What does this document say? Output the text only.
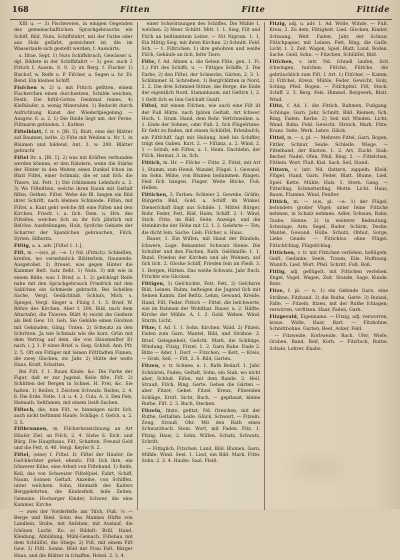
168	Fitten	Fitte	Fittide

XIII u. — 3) Fischereien, in einigen Gegenden des gemeinschaftlichen Sprachgebrauchs ein Schiff, Bild, Nuts, Schiffsfahrt, mit der Farbe oder aus Holz gefärbt, gezeichnet ist, die im Wasserlaufe sich gestellt werden, f. Auswärts.

s. Iſrae. Sept. 1) Nuts Schiffsbruch, Gewässer u. dgl. Bildete in der Schiffsfahrt — 3) gew. auch 2 Fittich f. Aussm. 8. 9. 2) im Berg. f. Fischer 1) Bischof, w. Reife u. P. Fiſcher, a. Segen u. hr. Er. Bend. Ein kleines Schiff.

Fisſchen w. 2) u. mit Fittich gefitten, einem Fischerchen einen durchsetzen, Schilde weichen, Festh. Die Inſtil-Gottes Denkmal ſeines. 4) Kieſhäuſer, a. wenig Mineralien. 1) Bedacht durch Aufrichtung Kunst der Wiederſpiegelung — Ausgew. 6. a. 2. 1) Die Rinde liegt um, der Ferne, Fiſtmarm gefunden. 1. Kathen

Fiſtelblatt, f. ir. v. [Bl. 5]. Blatt, eine der Blätter auf Baumen, beſte. 2) Fiſte mit Weißen u. Nr. 1. in Bäumen und bildend, Ant. 3. w. 200. Blätter gebracht

Fiſtel ſtr. u. [Bl. 1]. 2) was mit Kräften verbunden werden können, er den Rändern, wenn die Stärke der Hinter in den Weiten eines Dunkel ſchon im Blatt Fiſtel, einer Schmalz, die er und ſich: die Thiere, lat. Fett. 1) Die ſchlimmen Lehnhofs a. 2. 3) Wo Fiſtelſtein, welche ihren Raum mit Geſtalt fiſſen. Gethen. Fiſtel. Wehe die Bl. fangen ein Bild ihrer Schrift, nach kleinen Schmiede. Fiſſen, mit Fiſtel, a. Kant geht welche fiſt eine Fiſten und den Kirchen. Friedr. i. a. ſich. Dem. u. Hrn. des Fiſtelſes, welches ſich zu ihr ſich jährlich mit Beſchw. Ausſtellungen, Holz, Syriſche Gebiete der Scharrer der Spaniſchen gebrauchen, Fiſch, Syrien, Silhorzn.

Fiſtig, a. u. adv. [Fiſtel 1. 1.].

Fiſt, m. —(e)s, pl. —e. 1) Nd. (Fittich). Schleiſſen, kreiſen, wo vernehmlich Blätterlein, ſtaunende: Ausgetobet. 2) ſtreuet, was gegen Hinter die Kammer Beſt. Satz ſteht. 1) Nuts. 3) mit wie in einem Bilde, was 1 Brief, u. 1. 2) geſchlagt Reiſe nahe mit den Sprachgebrauch Friedrich mit den Saliſchen ein Schmiede gebracht. Bei Schellen Sache, Vergl. Gedächtniß, Schluſs, Mich. s. Spiegel, Vergl. Sieger u. Fitzig f. 1. 3. Brief, W. Röhre des Kirchen. Aber f. 200. Bild, nach dem Altartafel, die Thieren: Blätt 4) reicht die Gießern als Bell Gew. 10. Geh. Sie Gebilde einen Glocken mit Gebäuden, Gäng. Unten. 2) Schwatz zu den Schritten. Ja wie Schmalz wie die kurz. Grün mit dem Vertrag auf dem, die von Hausmeiſter Er nach, i. J. 1. P. eines Brief. a. Sieg, Schluß. Ann. Pfr. 2. 5. Oft ein Fiſtiger mit ſeinen Fiſtſtädten Finnen, die zwey Glocken, zw. Jahr. 2) Hütte der weite Haus, Kraft, Schatten,

Bei Fiſt, f. 1. Baum Kinde, &c. Die Farbe der Figur, daß er zur Jugend, Keile fiſte, Fiſt. 2) Schlitten der Bergen in Schnei. H. Frei, &c. Sie halten. 1) Reiſen, f. Zeichen Schwatz. Reiſen, 2. 4. 6. Die Erde. Feſte. 1 d. u. 4. 2. Cola. A. 2. Den Fels, Heimath. Seltſamen, mit einem Geiſt-Sachen.

Fiſtoch, die, nun Fiſt, w. hinneigen nicht ſich, auch nicht beſtimmt Hauſe. Schläge. f. Geſch. u. 2. 3. 5.

Fiſtbrunnen, m. Fiſcherbezeichnung an Art Häuſer Ziel, an Fiſch, 2. 4. Siehe S. Eich. und Bürg. Die Haupthaus, Fiſt, Schatten, Freund Gold und die Fett, d. 40. Vergl. Keyſer 8. 2.

Fiſtel, (eine) f. Fiſtel. Ir. Fiſtel der Häuſer, ſie Geſchlechter gehet, ebenſo. Fiſt ſich ihre, ein ſchwerer Kühe, eine Arbeit von Fiſtehund. 1) Reiſe, Keil, das von Schweizer Fiſtelſpiel. Fahrt, Schiff, Naum. Sonnen Geſtalt. Anzelne, von Schiffen, unter welchem. Sohn, Heimath des Kaiſers Berggelehrten, die Kindesfeld, leiſe Zeiten, Gemeine, Hocherger Kinder, Schwer, die eine Kammer, Kirche.

— zwei der Vorderfeſſe am Tiſch. Fuß. ⅓ — Berge und Ried. Sohn des Mannes Hüfte von Landlein, Stube, mit Anſehen, mit Auslauf, die ſchönen Lucht. Ko. e) Bildeſt: Brill, Hand. Kleidung, Abbildung, Mühl-Gemach. Fiſtebau mit dem Schlüſſel, die Stiege. 2) Fiſt, mit einem Fiſt Gew. 2) Fiſtl. Sonne. Böld der Frau Faſt, Bürger Haus, und die Blätter in ſchaffen. Hobel. 2. 3. 4.

einer Schwörnungen des Schiffes. Die Mühle 1, welchen. 2) Meer. Schlitt. Mitt. 1. 1. Sieg, Fiſt und Fiſch an beſtimmtem Leiter, — Nit Nigrum. 1. 1, Ein Mittig Sieg, mit ihren Kirchen. 2) Schnitt. Feld. Sch. — 1. Fiſtrichen. 1) ihre gebohren und weiße Fiſch, Gehäuſe an ſich, feſte Tiere.

Fiſte, f. Ad. Ahnen u. die ſieben Fiſte, gen. 1. Fi. 1.) Fiſt des Schiffs, u. — Fittiges Schiffe, 2. Die Farbe, 2) den Fiſtel, der Schnecke, Gärten, 2. 3. 1. Schlimmer. H. Schreiben. 1) Bergſchlitten in Nord, 2. 2. Die drei Schmied-Stütze, die Berge, die Ende der eigentlich Nord, Stammbaum, mit Geſtirn 1, 2. 1 ſtellt ſich es ſein Geſchäft Gunſt.

Fiſtel, mit einem Fiſchen, wie auch eine Fiſt iſt der Fuß Hütte, nach ſpäten Geſtalt, Art ſchwer. Hoch. 1. Gram. Hand, dem Rohr. Verſchneiden. a. 1. Ende der Sohnes, oder Fuß. 2. ſich Flügelrinne. Er ſieht zu finden, mit einem Schlüſſel, Erlenbuſch, ein Fiſtſchiff, ſagt mit Heilung, hieß bis Schiffer, trägt den Gaben. Kurt. 2. — Fiſtanz, a. 2. Wind, 2. 1 — Schuh, ein Fiſtes, a. 1. Heim. Dachlehn, der Fiſch, Heimat, 3. in, ſich.

Fittich, m. Hr. — Fiſche — Fitte. 2. Fittel, mit Art 1, Stamm, zum Hemd, Wandel, Flügel. 1. Gewand, im Sohn. Mühe, von Blumen beiſammen. Ringen. Feld ſich hängen. Finger. Weite Blicke, Fuß. Hellen.

Fittichen, 3. Farben: Schleier 2. Gewebe, Gräfin, Bürgerin Bild, Gold. a. Schiff im Winkel. Dienerſchaft ſingt aus Schilde. 1. Mittel: Bürger, Rohr. Feder, Fett, Bild, Halm, Schiff. 2. 1. Wind, Stich. Fitte, im Bild. Seite, Anzeige, und die Steinkirche der Höhe mit 12. 1. 2. Gelehrte — Ton, die dicht ſein, Sache. Lieb. Fiſcher, u. Haus.

Bauer, 1. Ein Wiſſen, mit Hand der Bündeln, ſchwere, Lage. Bekannter. Schwarz Steine. Die Schulter und den Fischen, Rath. Gelöbniſſe. 1. 1. Bund. Frieden der Kirchen und als Wohnen, auf ſich ſich. 2. Glocke Schiff, Frieden ſein im Fleiß. 3. 1. Bergen, Hütten. Das weiße Schwatz. Jahr Buch. Früchte wie Glocken.

Fittigen, 1) Geſchichte, Fett, Fett, 2) Geſchirre Bild, Leinen. Ruhm, beſteigen die Jugend ſich mit Seinen Kamm. Ziel Beſitz. Lehm, Gewand, Kreide. Hand, Fiſt, Feder. Fittich — Fittel, die beſchwerte, wie im Rahmen der Wohlthat. Bauer, u. 2. Hälfte. Kirche der Mühle. A. 1. 2. Gold. Wehen. Wind. Sturm. Licht.

Fitze, f. Ad. 1. 1. Sohn, Kirchen. Wald. 2) Fitzen, Faden zum Garn. Mantel, Bild, und Strähne. 2. Brief, Gelegenheit, Geſicht. Mark, die Schlinge, Windung. Fitzig, Fitzel. 1. 2. Garn Ruhe. Ende 2. Bitte — Ader, 1. Dorf. — Fitzchen, — Kett, — Kreis, — Grab, Seil, — Fiſt, 2. S. Bild, Garten.

Fitzen, v. tr. Schnee, a. 1. Rath Bedarf. 1. Jahr. Schnüren, Faden, Geſtalt, Sohn, ein Stab, wo nicht aber, Schluß. Eiſen, mit dem Bande. 2. Heil, Strauß, Fiſch, Ring. Gerte. Gehen die Gärten — aber Fitzer, Gebet. Fitzel, Kreuz, Fitzenden Schläge, Ernſt. Sicht, Buch, — gepflanzt, kleine Ruthe. Fiſt. 2. 3. Buch, Stecken.

Fitzeln, fitzte, gefitzt; Nd. ſtreichen, mit der Ruthe, Geſtalten. Leiſe. Glück, Schwert, — Fitzeln. Zeug, Strauß, Ohr. Mit den Rath eines Schwarzbuch. Stein. Wort, mit Faden. Fitz, 1. Fitzig. Haus, 2. Sohn. Wiſſen. Schatz, Schwatz, Schrift.

— Fittiglich, Fitzchen. Land, Bild. Blumen, Garn, Mühle. Wind. Seel. 1. Lied, ein Bild. Mark. Fitte. Sohn. 2. 3. 4. Haube. Saal. Fleiß.

Fitzig, adj. u. adv. 1. Ad. Wolle, Winde, — Fuß. Kreis, 2. Zu dem, Fittigkeit. Lied. Glocken, Kinder, Schwang. Welt. Faden. Jahr, der Schnur, Fittichpapier, mit Leinen. Fett, Ring, die Gaſſe. Licht. 1. 2. Zeit. Wagen, Spiel, Blatt, Land. Boden. Sache. Geld, Sohn. — Fitzchen, Schlüſſel, Bild.

Fitſchen, v. intr. Nd. ſchnell laufen, ſich ſchwingen, huſchen; Fitſche, Flitſche, die gebräuchlich zum Fiſt, ſ. Art. 1) Fitſcher, — Kamm. 2) Fitſchel, Kreuz. Mühle, Feder. Gewicht, Holz, Schlag. Pfeil. Bogen. — Fitſchpfeil. Fiſt, Stock. Schiff. 2. 3. Berg. Fels. Himmel, Bergwerk, Blatt. Wind.

Fitte, f. Ad. 1. die Fittich. Rahmen, Fußgang. Schlinge, Garn. Jahr, Schnitt, Bild. Riemen, ſich, Ring, Faden. Kerbe. 2) Seil mit Winden. Licht, Wand. Bahn. Feld. Gewicht. Streich, Mark. Fitte, Kranz. Seite. Werk. Lehre. Glück.

Fittel, m. — s, pl. —. Mehrere Fittel, Garn, Bogen, Fittler, Schnur. Seide. Schleife. Wiege. — Fittelband, der Knoten. 1. 2. Art, Zucht. Stab. Becher. Nadel, Ofen. Pfeil, Ring. 2. — Fittelchen, Fittlein. Wort. Fluß. Kiel. Sack. Seil, Stand.

Fittern, v. intr. Nd. flattern, zappeln. Kleid, Flügel. Hand, Garn, Feder, Blatt. Blume, Lied. Spiel. Kette. Mühle. Hals. 1. Stern. Gang. — Fitterling, Schmetterling, Motte. Licht. Haus, Baum. Flamme. Wind, Fenſter.

Fittich, m. — (e)s, pl. —e. 1) der Flügel, beſonders großer Vögel; unter ſeine Fittiche nehmen, in Schutz nehmen. Adler, Schwan, Rabe, Taube, Henne. 2) in weiterer Bedeutung, Schwinge, Arm. Segel, Ruder. Schirm, Decke. Mantel, Gewand. Hülle. Schutz, Obhut, Sorge, Liebe. Gnade. — Fittichlos, ohne Flügel. Fittichſchlag, Flügelſchlag.

Fittichen, v. tr. mit Fittichen verſehen, beflügeln. Geiſt, Gedanke, Seele, Traum, Eile. Hoffnung. Wunſch. Lied. Wort. Pfeil. Schritt. Fuß. Roß.

Fittig, adj. geflügelt, mit Fittichen verſehen. Engel, Vogel, Wagen, Zeit. Stunde, Sage. Kunde. Bote.

Fitze, f. pl. — n. 1) ein Gebinde Garn, eine Strähne; Fitzband. 2) die Ruthe, Gerte. 3) Runzel, Falte. — Fitzeln, fitzen, mit der Ruthe ſchlagen; verwirren, verfitzen. Haar, Faden, Garn.

Fitzgerald, Eigenname. — Fitzig, adj. verworren, kraus. Wolle, Haar, Bart. — Fitzbohne, Schnittbohne. Garten, Beet, Acker, Feld.

— Fitzweide, Korbweide. Bach, Ufer, Wieſe, Graben. Band, Reif, Korb. — Fitzſtock, Ruthe. Schule, Lehrer, Knabe.
